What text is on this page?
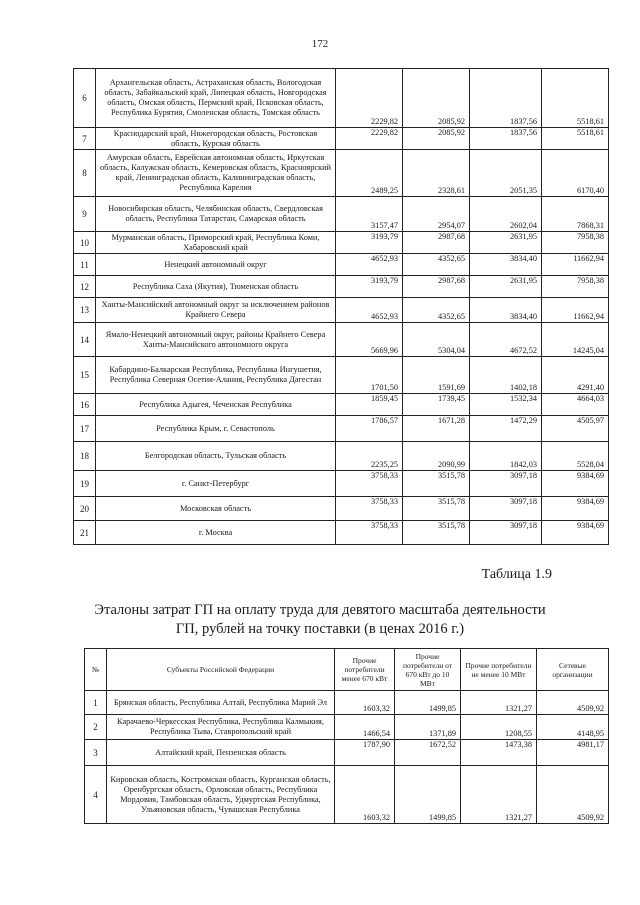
172
6	Архангельская область, Астраханская область, Вологодская область, Забайкальский край, Липецкая область, Новгородская область, Омская область, Пермский край, Псковская область, Республика Бурятия, Смоленская область, Томская область	2229,82	2085,92	1837,56	5518,61
7	Краснодарский край, Нижегородская область, Ростовская область, Курская область	2229,82	2085,92	1837,56	5518,61
8	Амурская область, Еврейская автономная область, Иркутская область, Калужская область, Кемеровская область, Красноярский край, Ленинградская область, Калининградская область, Республика Карелия	2489,25	2328,61	2051,35	6170,40
9	Новосибирская область, Челябинская область, Свердловская область, Республика Татарстан, Самарская область	3157,47	2954,07	2602,04	7868,31
10	Мурманская область, Приморский край, Республика Коми, Хабаровский край	3193,79	2987,68	2631,95	7958,38
11	Ненецкий автономный округ	4652,93	4352,65	3834,40	11662,94
12	Республика Саха (Якутия), Тюменская область	3193,79	2987,68	2631,95	7958,38
13	Ханты-Мансийский автономный округ за исключением районов Крайнего Севера	4652,93	4352,65	3834,40	11662,94
14	Ямало-Ненецкий автономный округ, районы Крайнего Севера Ханты-Мансийского автономного округа	5669,96	5304,04	4672,52	14245,04
15	Кабардино-Балкарская Республика, Республика Ингушетия, Республика Северная Осетия-Алания, Республика Дагестан	1701,50	1591,69	1402,18	4291,40
16	Республика Адыгея, Чеченская Республика	1859,45	1739,45	1532,34	4664,03
17	Республика Крым, г. Севастополь	1786,57	1671,28	1472,29	4505,97
18	Белгородская область, Тульская область	2235,25	2090,99	1842,03	5528,04
19	г. Санкт-Петербург	3758,33	3515,78	3097,18	9384,69
20	Московская область	3758,33	3515,78	3097,18	9384,69
21	г. Москва	3758,33	3515,78	3097,18	9384,69
Таблица 1.9
Эталоны затрат ГП на оплату труда для девятого масштаба деятельности
ГП, рублей на точку поставки (в ценах 2016 г.)
№	Субъекты Российской Федерации	Прочие потребители менее 670 кВт	Прочие потребители от 670 кВт до 10 МВт	Прочие потребители не менее 10 МВт	Сетевые организации
1	Брянская область, Республика Алтай, Республика Марий Эл	1603,32	1499,85	1321,27	4509,92
2	Карачаево-Черкесская Республика, Республика Калмыкия, Республика Тыва, Ставропольский край	1466,54	1371,89	1208,55	4148,95
3	Алтайский край, Пензенская область	1787,90	1672,52	1473,38	4981,17
4	Кировская область, Костромская область, Курганская область, Оренбургская область, Орловская область, Республика Мордовия, Тамбовская область, Удмуртская Республика, Ульяновская область, Чувашская Республика	1603,32	1499,85	1321,27	4509,92
